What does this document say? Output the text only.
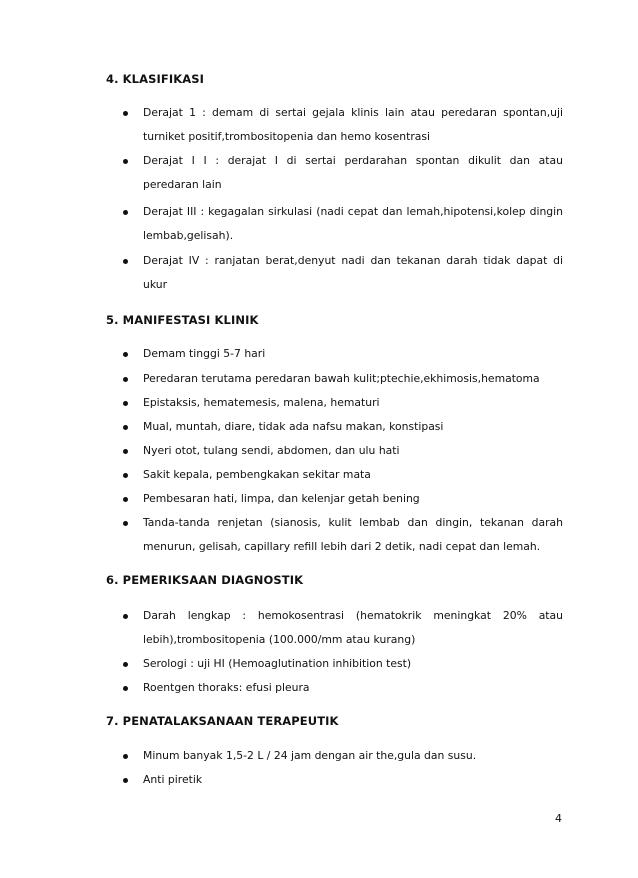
4. KLASIFIKASI
Derajat 1 : demam di sertai gejala klinis lain atau peredaran spontan,uji
turniket positif,trombositopenia dan hemo kosentrasi
Derajat I I : derajat I di sertai perdarahan spontan dikulit dan atau
peredaran lain
Derajat III : kegagalan sirkulasi (nadi cepat dan lemah,hipotensi,kolep dingin
lembab,gelisah).
Derajat IV : ranjatan berat,denyut nadi dan tekanan darah tidak dapat di
ukur
5. MANIFESTASI KLINIK
Demam tinggi 5-7 hari
Peredaran terutama peredaran bawah kulit;ptechie,ekhimosis,hematoma
Epistaksis, hematemesis, malena, hematuri
Mual, muntah, diare, tidak ada nafsu makan, konstipasi
Nyeri otot, tulang sendi, abdomen, dan ulu hati
Sakit kepala, pembengkakan sekitar mata
Pembesaran hati, limpa, dan kelenjar getah bening
Tanda-tanda renjetan (sianosis, kulit lembab dan dingin, tekanan darah
menurun, gelisah, capillary refill lebih dari 2 detik, nadi cepat dan lemah.
6. PEMERIKSAAN DIAGNOSTIK
Darah lengkap : hemokosentrasi (hematokrik meningkat 20% atau
lebih),trombositopenia (100.000/mm atau kurang)
Serologi : uji HI (Hemoaglutination inhibition test)
Roentgen thoraks: efusi pleura
7. PENATALAKSANAAN TERAPEUTIK
Minum banyak 1,5-2 L / 24 jam dengan air the,gula dan susu.
Anti piretik
4
